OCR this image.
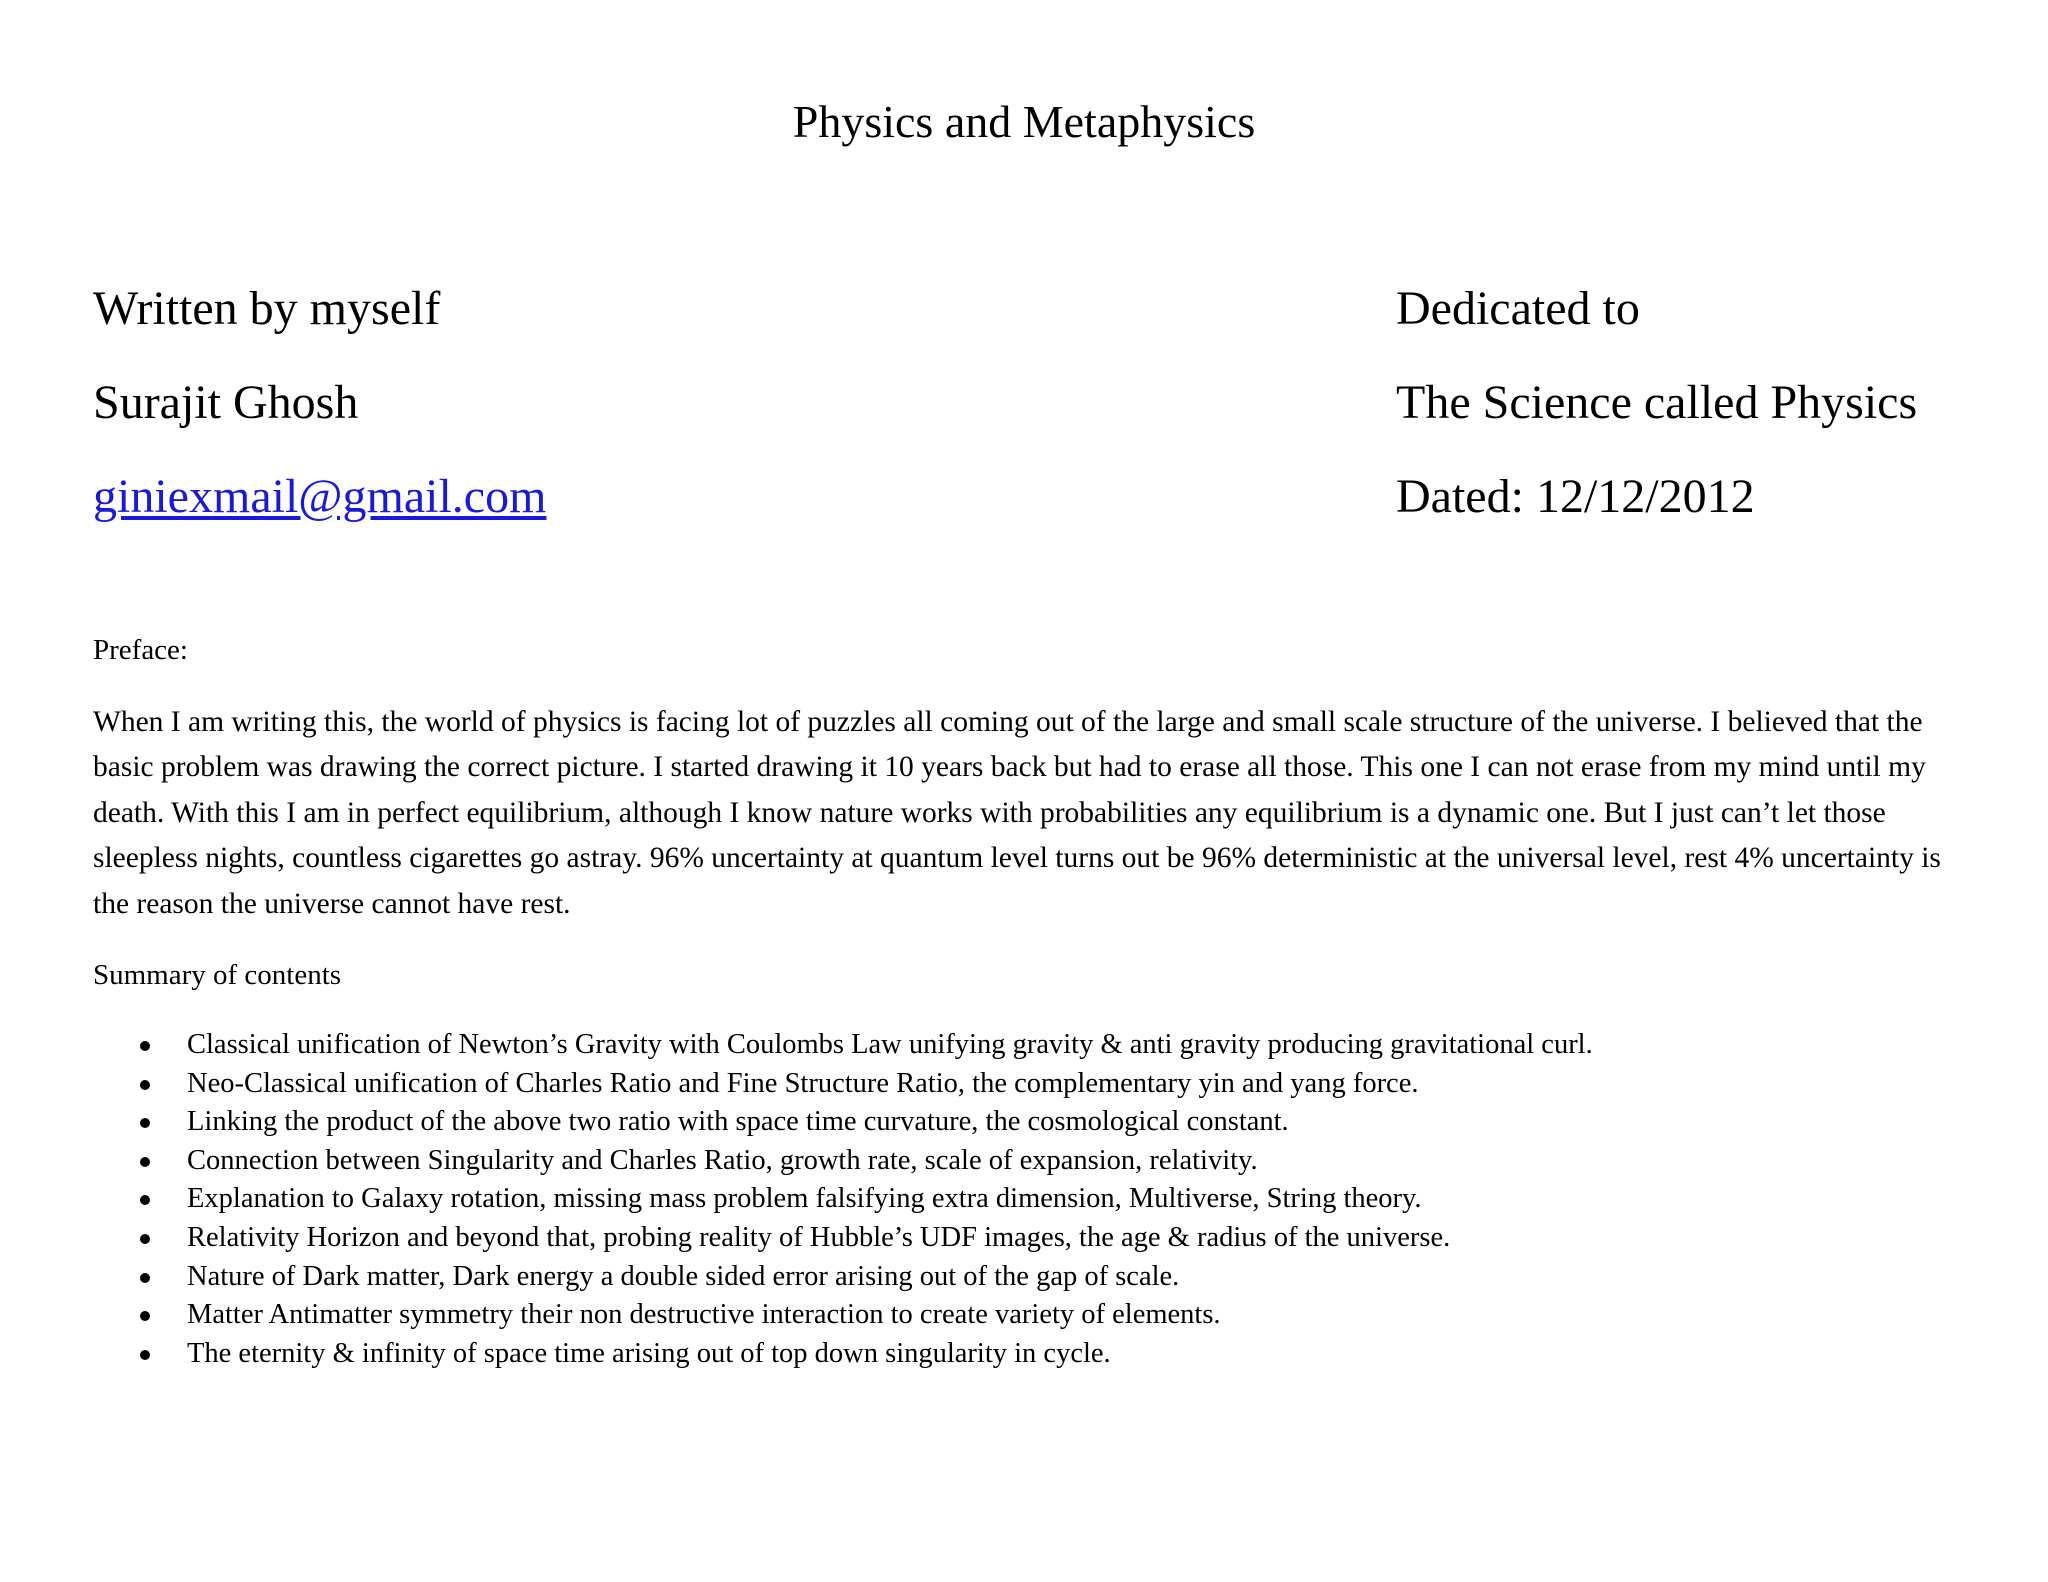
Physics and Metaphysics
Written by myself
Surajit Ghosh
giniexmail@gmail.com
Dedicated to
The Science called Physics
Dated: 12/12/2012
Preface:
When I am writing this, the world of physics is facing lot of puzzles all coming out of the large and small scale structure of the universe. I believed that the basic problem was drawing the correct picture. I started drawing it 10 years back but had to erase all those. This one I can not erase from my mind until my death. With this I am in perfect equilibrium, although I know nature works with probabilities any equilibrium is a dynamic one. But I just can’t let those sleepless nights, countless cigarettes go astray. 96% uncertainty at quantum level turns out be 96% deterministic at the universal level, rest 4% uncertainty is the reason the universe cannot have rest.
Summary of contents
Classical unification of Newton’s Gravity with Coulombs Law unifying gravity & anti gravity producing gravitational curl.
Neo-Classical unification of Charles Ratio and Fine Structure Ratio, the complementary yin and yang force.
Linking the product of the above two ratio with space time curvature, the cosmological constant.
Connection between Singularity and Charles Ratio, growth rate, scale of expansion, relativity.
Explanation to Galaxy rotation, missing mass problem falsifying extra dimension, Multiverse, String theory.
Relativity Horizon and beyond that, probing reality of Hubble’s UDF images, the age & radius of the universe.
Nature of Dark matter, Dark energy a double sided error arising out of the gap of scale.
Matter Antimatter symmetry their non destructive interaction to create variety of elements.
The eternity & infinity of space time arising out of top down singularity in cycle.
